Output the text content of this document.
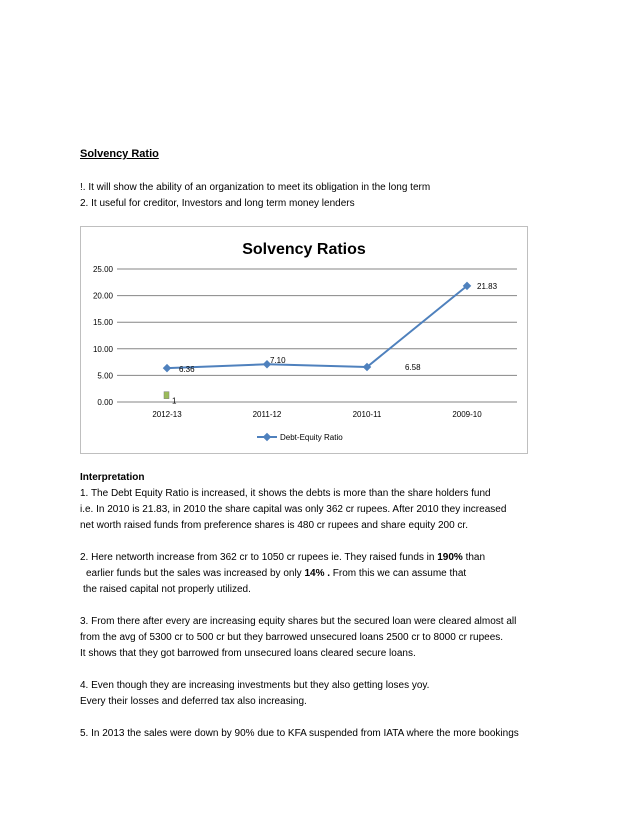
Solvency Ratio
!. It will show the ability of an organization to meet its obligation in the long term
2. It useful for creditor, Investors and long term money lenders
Solvency Ratios
0.00
5.00
10.00
15.00
20.00
25.00
2012-13	2011-12	2010-11	2009-10
6.36
7.10
6.58
21.83
1
Debt-Equity Ratio

Interpretation

1. The Debt Equity Ratio is increased, it shows the debts is more than the share holders fund

i.e. In 2010 is 21.83, in 2010 the share capital was only 362 cr rupees. After 2010 they increased

net worth raised funds from preference shares is 480 cr rupees and share equity 200 cr.

2. Here networth increase from 362 cr to 1050 cr rupees ie. They raised funds in 190% than

earlier funds but the sales was increased by only 14% . From this we can assume that

the raised capital not properly utilized.

3. From there after every are increasing equity shares but the secured loan were cleared almost all

from the avg of 5300 cr to 500 cr but they barrowed unsecured loans 2500 cr to 8000 cr rupees.

It shows that they got barrowed from unsecured loans cleared secure loans.

4. Even though they are increasing investments but they also getting loses yoy.

Every their losses and deferred tax also increasing.

5. In 2013 the sales were down by 90% due to KFA suspended from IATA where the more bookings
